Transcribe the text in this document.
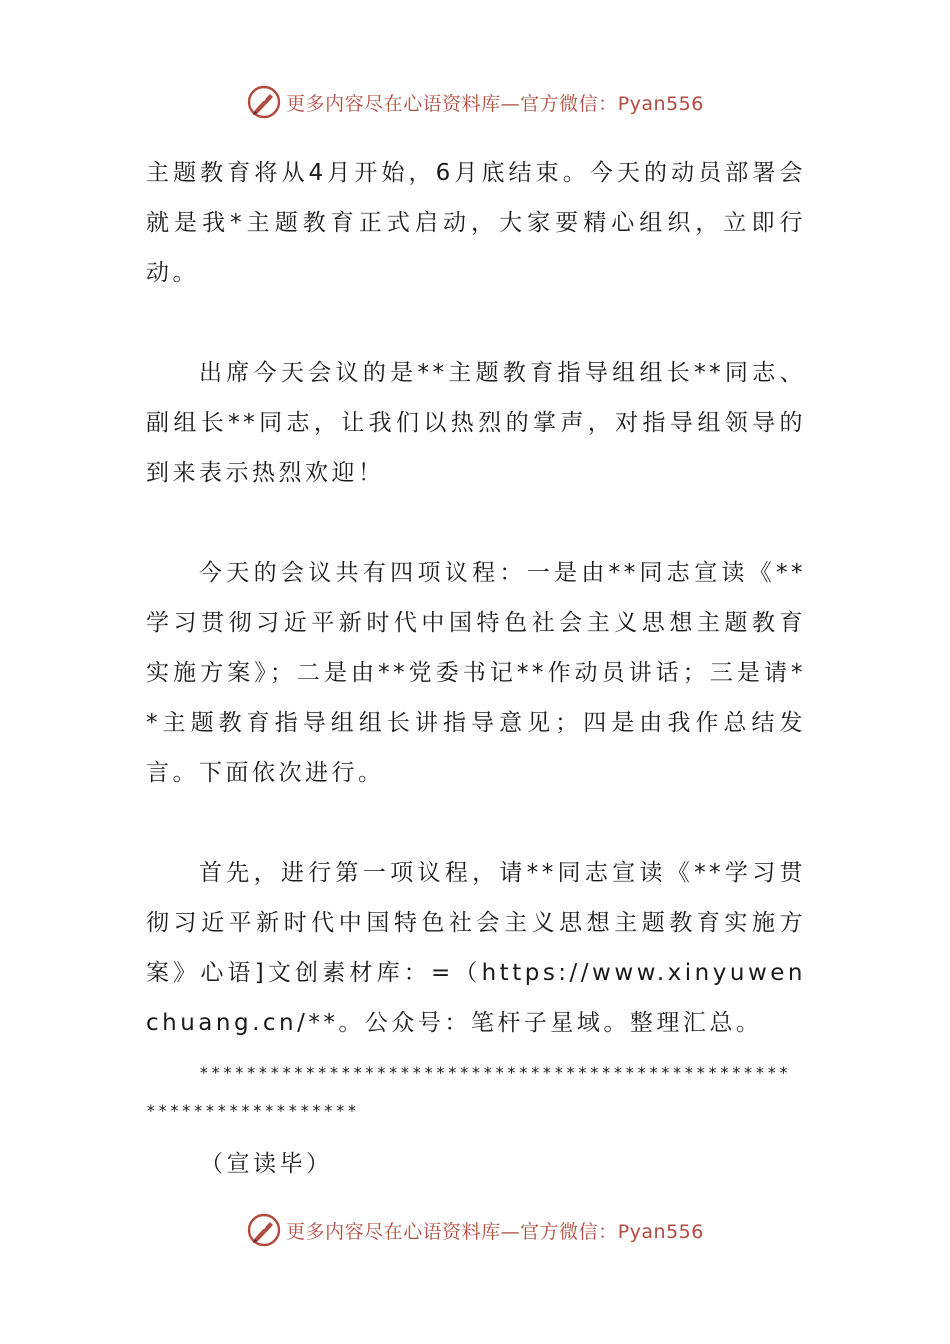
更多内容尽在心语资料库—官方微信：Pyan556

主题教育将从4月开始，6月底结束。今天的动员部署会就是我*主题教育正式启动，大家要精心组织，立即行动。

出席今天会议的是**主题教育指导组组长**同志、副组长**同志，让我们以热烈的掌声，对指导组领导的到来表示热烈欢迎！

今天的会议共有四项议程：一是由**同志宣读《**学习贯彻习近平新时代中国特色社会主义思想主题教育实施方案》；二是由**党委书记**作动员讲话；三是请**主题教育指导组组长讲指导意见；四是由我作总结发言。下面依次进行。

首先，进行第一项议程，请**同志宣读《**学习贯彻习近平新时代中国特色社会主义思想主题教育实施方案》心语]文创素材库：=（https://www.xinyuwenchuang.cn/**。公众号：笔杆子星域。整理汇总。

**************************************************

******************

（宣读毕）

更多内容尽在心语资料库—官方微信：Pyan556
